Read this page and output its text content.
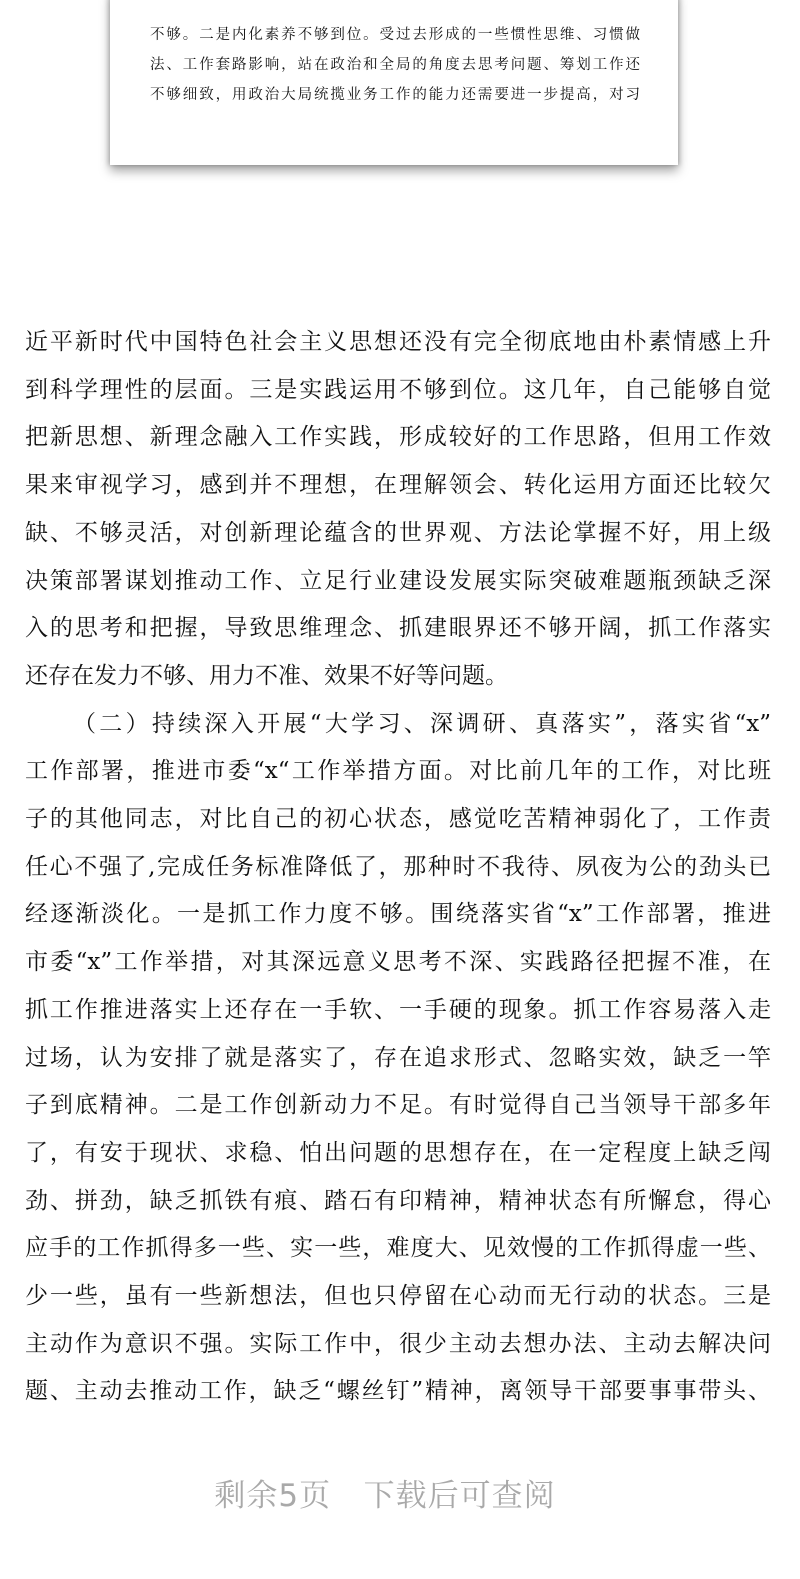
不够。二是内化素养不够到位。受过去形成的一些惯性思维、习惯做
法、工作套路影响，站在政治和全局的角度去思考问题、筹划工作还
不够细致，用政治大局统揽业务工作的能力还需要进一步提高，对习
近平新时代中国特色社会主义思想还没有完全彻底地由朴素情感上升
到科学理性的层面。三是实践运用不够到位。这几年，自己能够自觉
把新思想、新理念融入工作实践，形成较好的工作思路，但用工作效
果来审视学习，感到并不理想，在理解领会、转化运用方面还比较欠
缺、不够灵活，对创新理论蕴含的世界观、方法论掌握不好，用上级
决策部署谋划推动工作、立足行业建设发展实际突破难题瓶颈缺乏深
入的思考和把握，导致思维理念、抓建眼界还不够开阔，抓工作落实
还存在发力不够、用力不准、效果不好等问题。
（二）持续深入开展“大学习、深调研、真落实”，落实省“x”
工作部署，推进市委“x“工作举措方面。对比前几年的工作，对比班
子的其他同志，对比自己的初心状态，感觉吃苦精神弱化了，工作责
任心不强了,完成任务标准降低了，那种时不我待、夙夜为公的劲头已
经逐渐淡化。一是抓工作力度不够。围绕落实省“x”工作部署，推进
市委“x”工作举措，对其深远意义思考不深、实践路径把握不准，在
抓工作推进落实上还存在一手软、一手硬的现象。抓工作容易落入走
过场，认为安排了就是落实了，存在追求形式、忽略实效，缺乏一竿
子到底精神。二是工作创新动力不足。有时觉得自己当领导干部多年
了，有安于现状、求稳、怕出问题的思想存在，在一定程度上缺乏闯
劲、拼劲，缺乏抓铁有痕、踏石有印精神，精神状态有所懈怠，得心
应手的工作抓得多一些、实一些，难度大、见效慢的工作抓得虚一些、
少一些，虽有一些新想法，但也只停留在心动而无行动的状态。三是
主动作为意识不强。实际工作中，很少主动去想办法、主动去解决问
题、主动去推动工作，缺乏“螺丝钉”精神，离领导干部要事事带头、
剩余5页 下载后可查阅
